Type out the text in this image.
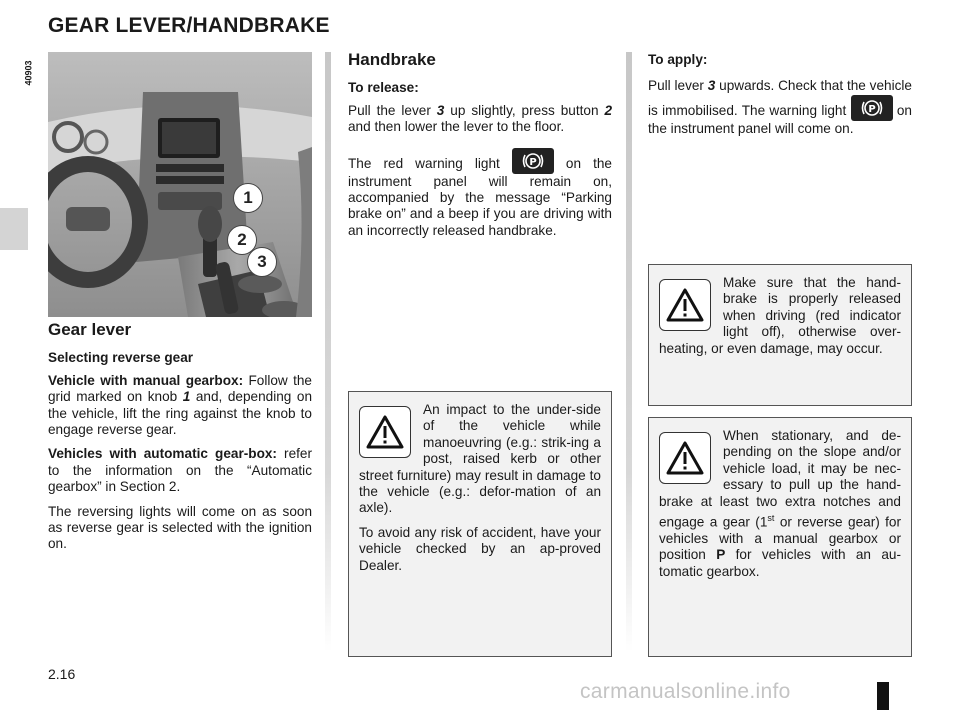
GEAR LEVER/HANDBRAKE
40903
1
2
3
Gear lever
Selecting reverse gear

Vehicle with manual gearbox: Follow the grid marked on knob 1 and, depending on the vehicle, lift the ring against the knob to engage reverse gear.

Vehicles with automatic gear-box: refer to the information on the “Automatic gearbox” in Section 2.

The reversing lights will come on as soon as reverse gear is selected with the ignition on.

Handbrake
To release:

Pull the lever 3 up slightly, press button 2 and then lower the lever to the floor.

The red warning light P on the instrument panel will remain on, accompanied by the message “Parking brake on” and a beep if you are driving with an incorrectly released handbrake.

An impact to the under-side of the vehicle while manoeuvring (e.g.: strik-ing a post, raised kerb or other street furniture) may result in damage to the vehicle (e.g.: defor-mation of an axle).

To avoid any risk of accident, have your vehicle checked by an ap-proved Dealer.

To apply:

Pull lever 3 upwards. Check that the vehicle is immobilised. The warning light P on the instrument panel will come on.

Make sure that the hand-brake is properly released when driving (red indicator light off), otherwise over-heating, or even damage, may occur.

When stationary, and de-pending on the slope and/or vehicle load, it may be nec-essary to pull up the hand-brake at least two extra notches and engage a gear (1st or reverse gear) for vehicles with a manual gearbox or position P for vehicles with an au-tomatic gearbox.

2.16
carmanualsonline.info
